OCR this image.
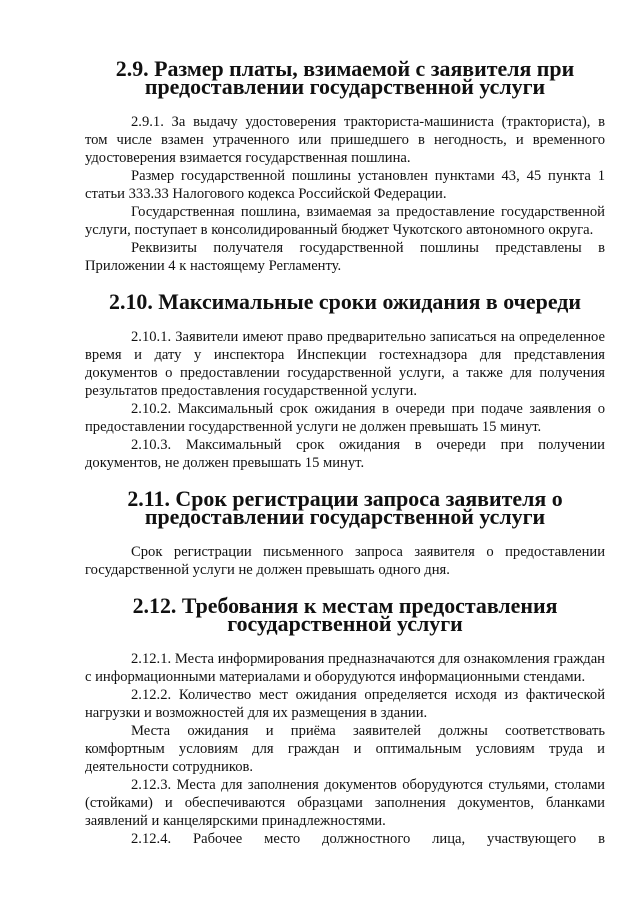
2.9. Размер платы, взимаемой с заявителя при предоставлении государственной услуги

2.9.1. За выдачу удостоверения тракториста-машиниста (тракториста), в том числе взамен утраченного или пришедшего в негодность, и временного удостоверения взимается государственная пошлина.

Размер государственной пошлины установлен пунктами 43, 45 пункта 1 статьи 333.33 Налогового кодекса Российской Федерации.

Государственная пошлина, взимаемая за предоставление государственной услуги, поступает в консолидированный бюджет Чукотского автономного округа.

Реквизиты получателя государственной пошлины представлены в Приложении 4 к настоящему Регламенту.

2.10. Максимальные сроки ожидания в очереди

2.10.1. Заявители имеют право предварительно записаться на определенное время и дату у инспектора Инспекции гостехнадзора для представления документов о предоставлении государственной услуги, а также для получения результатов предоставления государственной услуги.

2.10.2. Максимальный срок ожидания в очереди при подаче заявления о предоставлении государственной услуги не должен превышать 15 минут.

2.10.3. Максимальный срок ожидания в очереди при получении документов, не должен превышать 15 минут.

2.11. Срок регистрации запроса заявителя о предоставлении государственной услуги

Срок регистрации письменного запроса заявителя о предоставлении государственной услуги не должен превышать одного дня.

2.12. Требования к местам предоставления государственной услуги

2.12.1. Места информирования предназначаются для ознакомления граждан с информационными материалами и оборудуются информационными стендами.

2.12.2. Количество мест ожидания определяется исходя из фактической нагрузки и возможностей для их размещения в здании.

Места ожидания и приёма заявителей должны соответствовать комфортным условиям для граждан и оптимальным условиям труда и деятельности сотрудников.

2.12.3. Места для заполнения документов оборудуются стульями, столами (стойками) и обеспечиваются образцами заполнения документов, бланками заявлений и канцелярскими принадлежностями.

2.12.4. Рабочее место должностного лица, участвующего в
